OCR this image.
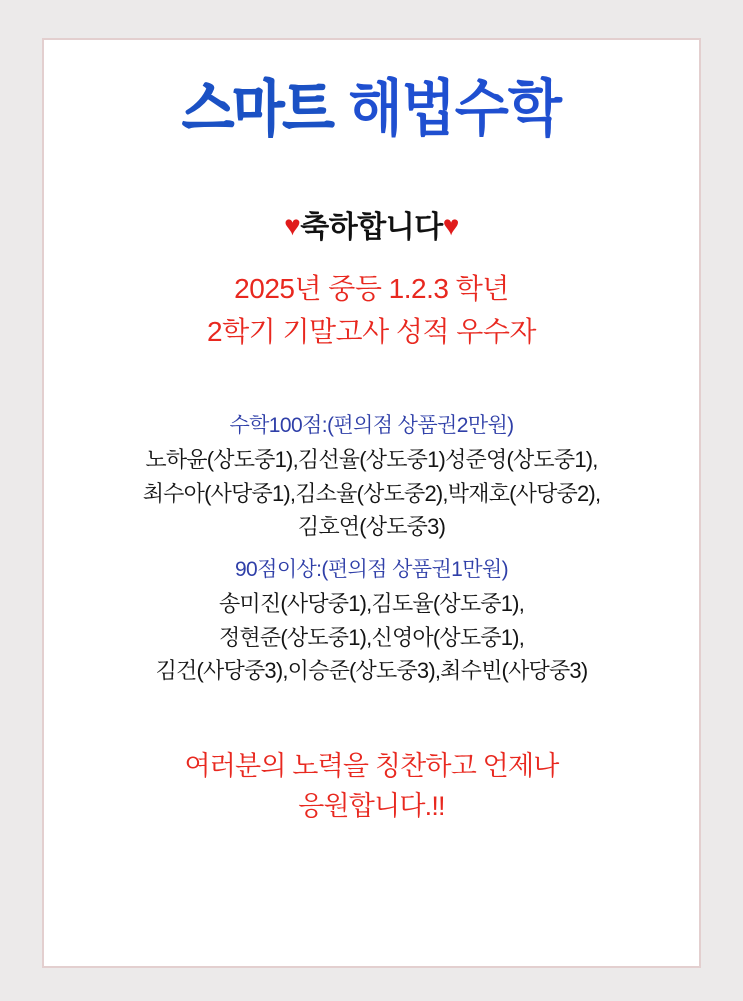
스마트 해법수학
♥축하합니다♥
2025년 중등 1.2.3 학년
2학기 기말고사 성적 우수자
수학100점:(편의점 상품권2만원)
노하윤(상도중1),김선율(상도중1)성준영(상도중1),
최수아(사당중1),김소율(상도중2),박재호(사당중2),
김호연(상도중3)
90점이상:(편의점 상품권1만원)
송미진(사당중1),김도율(상도중1),
정현준(상도중1),신영아(상도중1),
김건(사당중3),이승준(상도중3),최수빈(사당중3)
여러분의 노력을 칭찬하고 언제나
응원합니다.!!
